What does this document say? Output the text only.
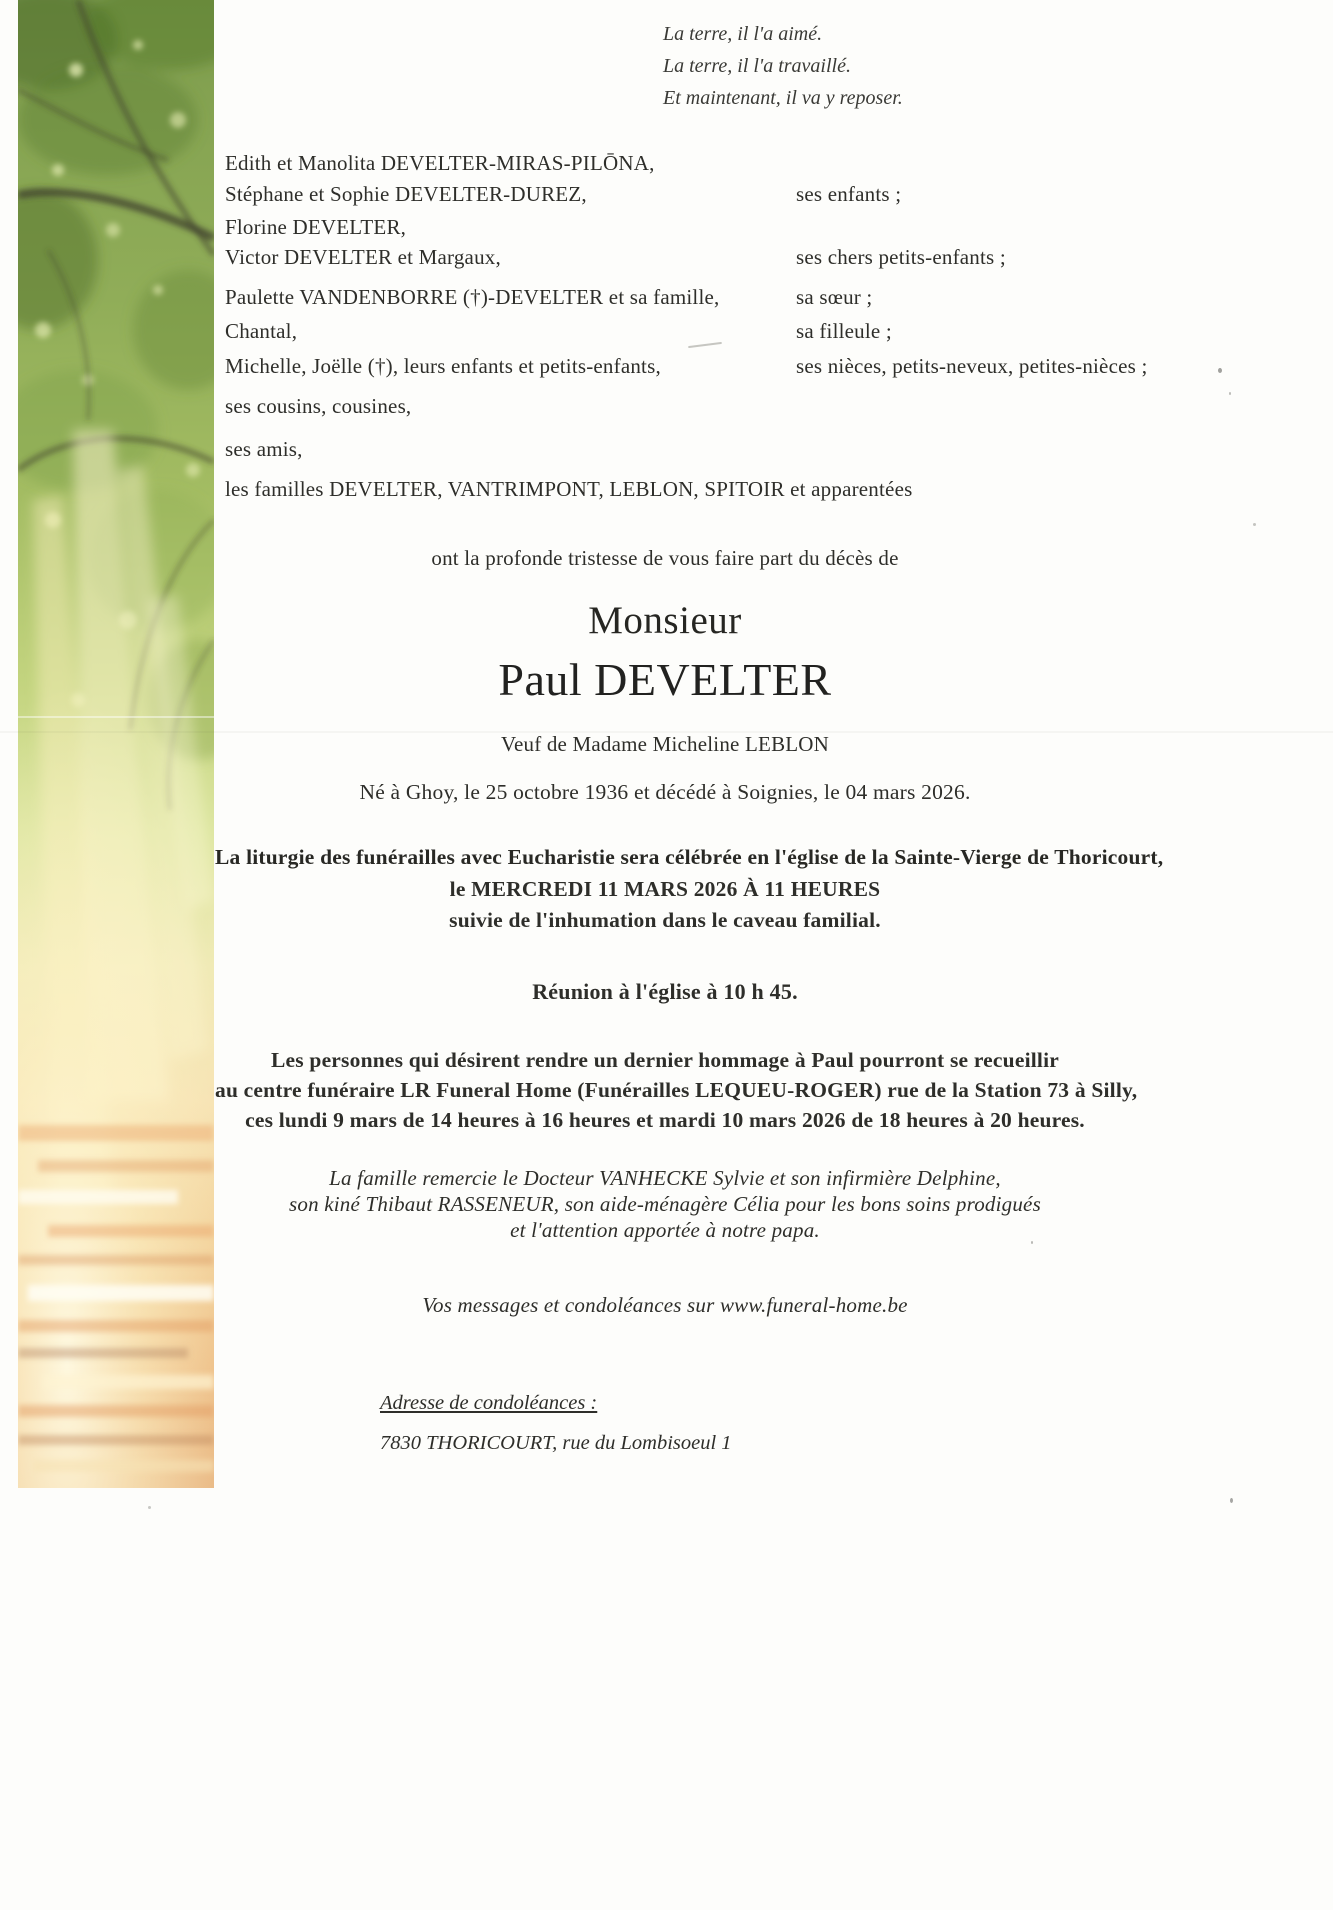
La terre, il l'a aimé.
La terre, il l'a travaillé.
Et maintenant, il va y reposer.
Edith et Manolita DEVELTER-MIRAS-PILŌNA,
Stéphane et Sophie DEVELTER-DUREZ,	ses enfants ;
Florine DEVELTER,
Victor DEVELTER et Margaux,	ses chers petits-enfants ;
Paulette VANDENBORRE (†)-DEVELTER et sa famille,	sa sœur ;
Chantal,	sa filleule ;
Michelle, Joëlle (†), leurs enfants et petits-enfants,	ses nièces, petits-neveux, petites-nièces ;
ses cousins, cousines,
ses amis,
les familles DEVELTER, VANTRIMPONT, LEBLON, SPITOIR et apparentées
ont la profonde tristesse de vous faire part du décès de
Monsieur
Paul DEVELTER
Veuf de Madame Micheline LEBLON
Né à Ghoy, le 25 octobre 1936 et décédé à Soignies, le 04 mars 2026.
La liturgie des funérailles avec Eucharistie sera célébrée en l'église de la Sainte-Vierge de Thoricourt,
le MERCREDI 11 MARS 2026 À 11 HEURES
suivie de l'inhumation dans le caveau familial.
Réunion à l'église à 10 h 45.
Les personnes qui désirent rendre un dernier hommage à Paul pourront se recueillir
au centre funéraire LR Funeral Home (Funérailles LEQUEU-ROGER) rue de la Station 73 à Silly,
ces lundi 9 mars de 14 heures à 16 heures et mardi 10 mars 2026 de 18 heures à 20 heures.
La famille remercie le Docteur VANHECKE Sylvie et son infirmière Delphine,
son kiné Thibaut RASSENEUR, son aide-ménagère Célia pour les bons soins prodigués
et l'attention apportée à notre papa.
Vos messages et condoléances sur www.funeral-home.be
Adresse de condoléances :
7830 THORICOURT, rue du Lombisoeul 1
